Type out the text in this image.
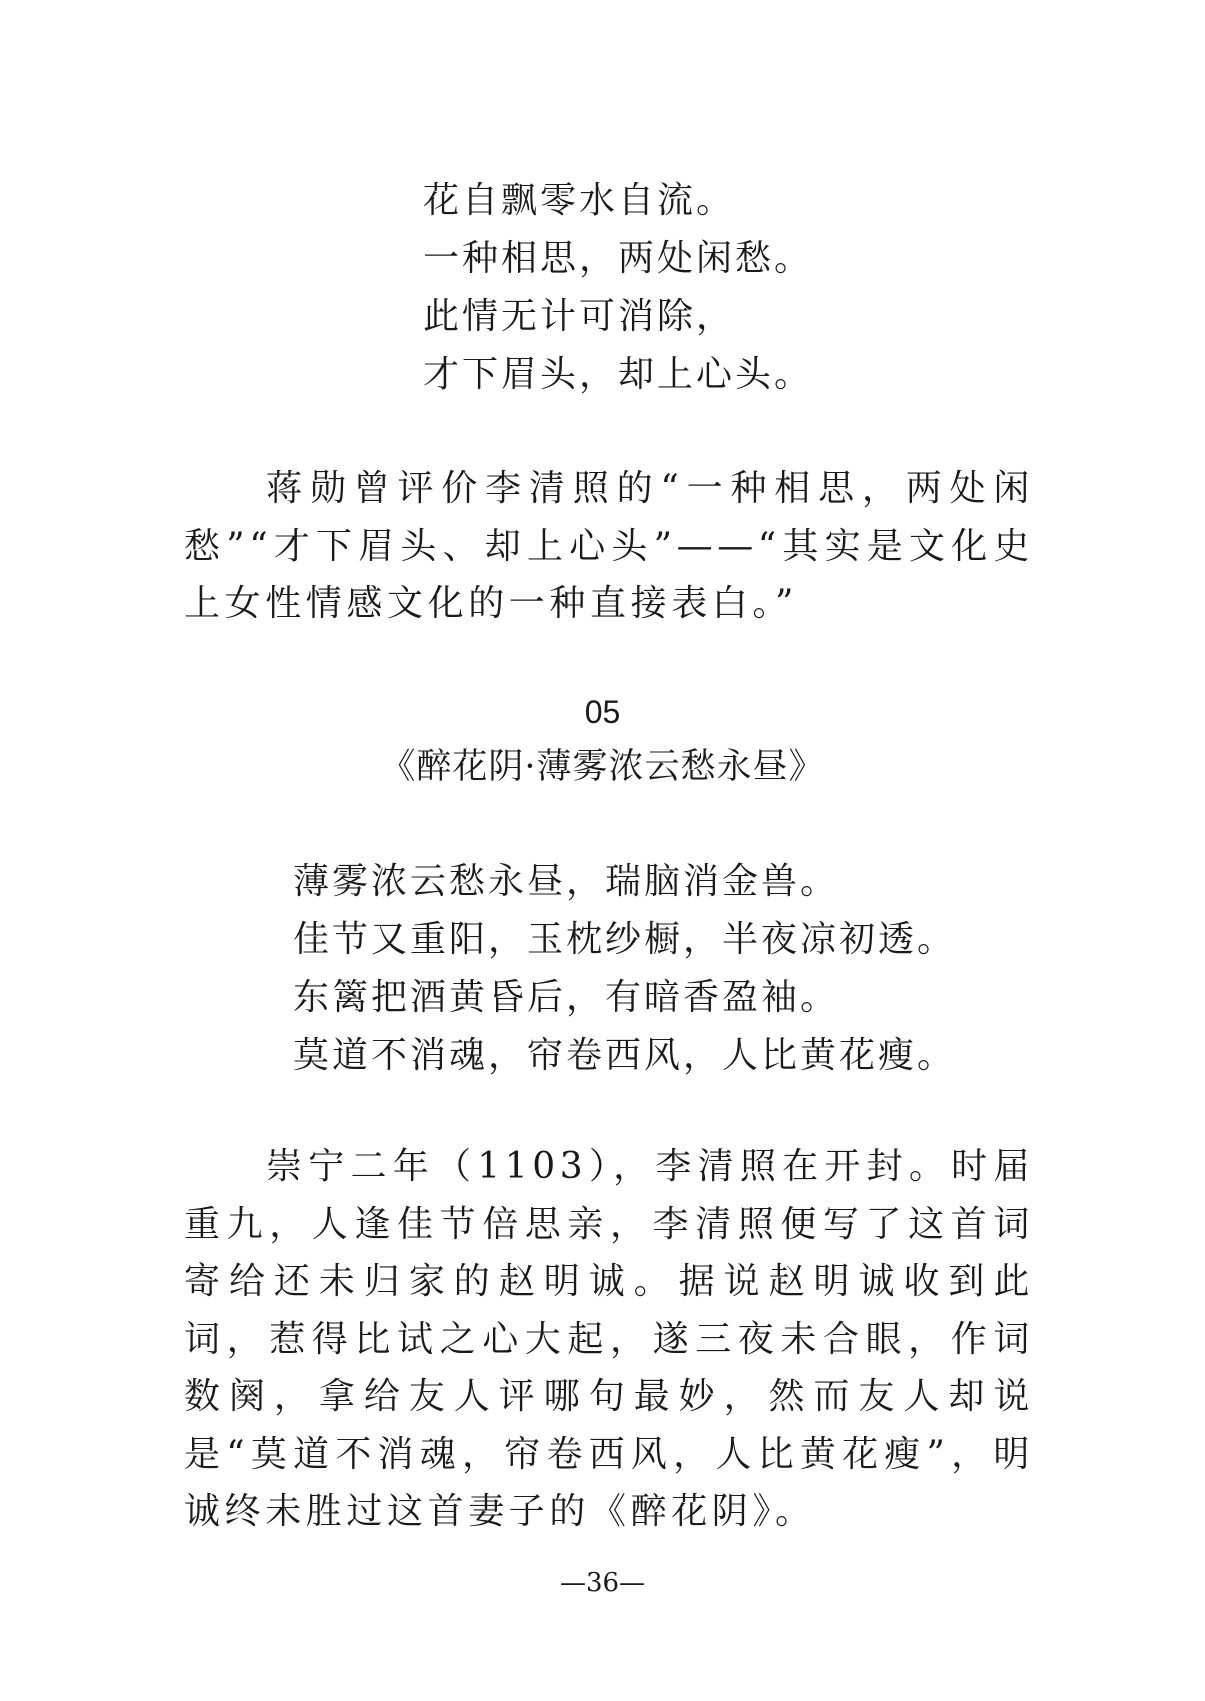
花自飘零水自流。
一种相思，两处闲愁。
此情无计可消除，
才下眉头，却上心头。

蒋勋曾评价李清照的“一种相思，两处闲愁”“才下眉头、却上心头”——“其实是文化史上女性情感文化的一种直接表白。”

05
《醉花阴·薄雾浓云愁永昼》
薄雾浓云愁永昼，瑞脑消金兽。
佳节又重阳，玉枕纱橱，半夜凉初透。
东篱把酒黄昏后，有暗香盈袖。
莫道不消魂，帘卷西风，人比黄花瘦。

崇宁二年（1103），李清照在开封。时届重九，人逢佳节倍思亲，李清照便写了这首词寄给还未归家的赵明诚。据说赵明诚收到此词，惹得比试之心大起，遂三夜未合眼，作词数阕，拿给友人评哪句最妙，然而友人却说是“莫道不消魂，帘卷西风，人比黄花瘦”，明诚终未胜过这首妻子的《醉花阴》。

—36—
